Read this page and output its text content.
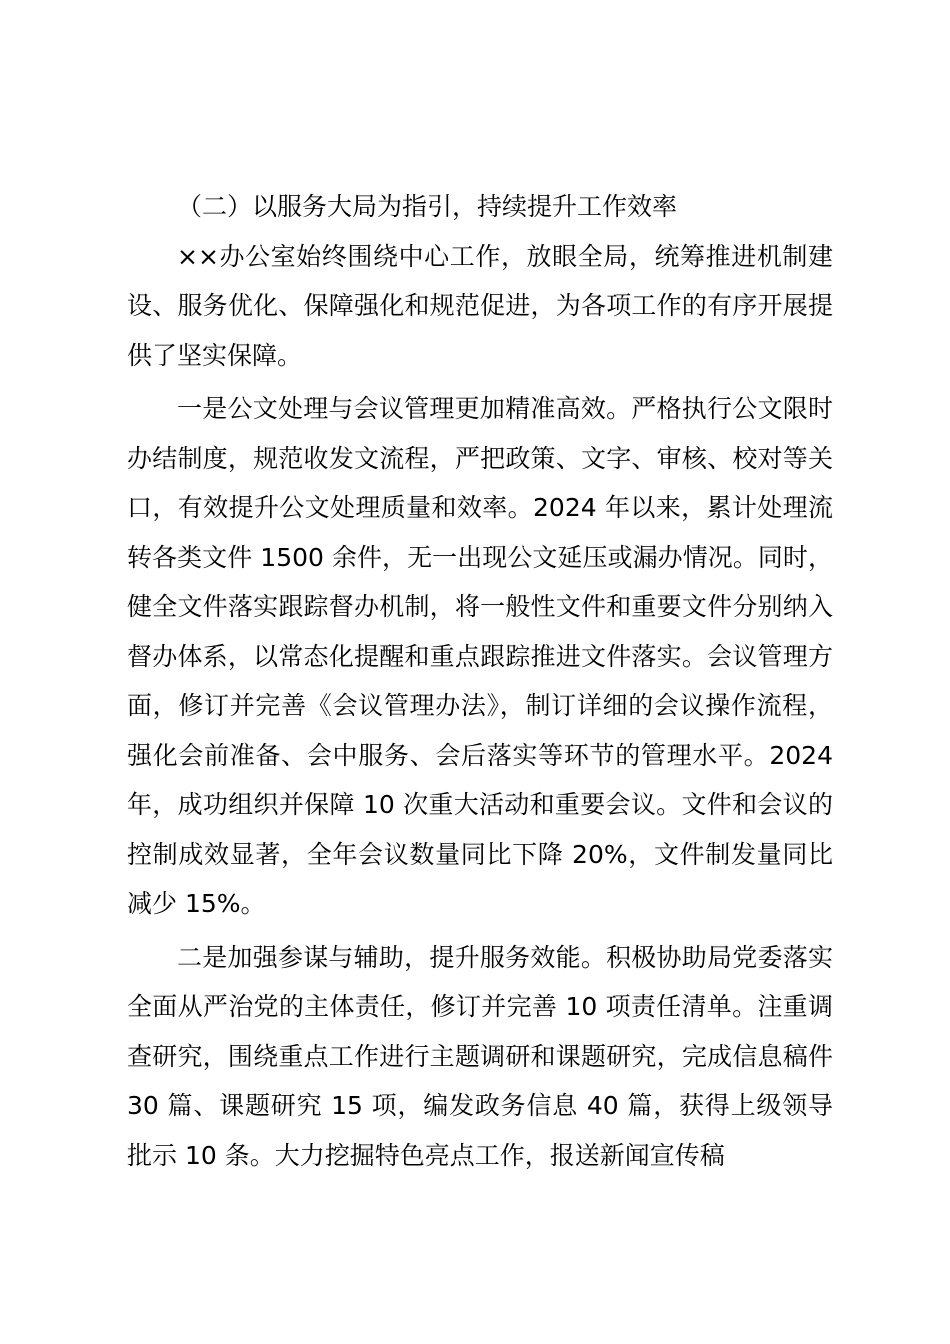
（二）以服务大局为指引，持续提升工作效率

××办公室始终围绕中心工作，放眼全局，统筹推进机制建设、服务优化、保障强化和规范促进，为各项工作的有序开展提供了坚实保障。

一是公文处理与会议管理更加精准高效。严格执行公文限时办结制度，规范收发文流程，严把政策、文字、审核、校对等关口，有效提升公文处理质量和效率。2024 年以来，累计处理流转各类文件 1500 余件，无一出现公文延压或漏办情况。同时，健全文件落实跟踪督办机制，将一般性文件和重要文件分别纳入督办体系，以常态化提醒和重点跟踪推进文件落实。会议管理方面，修订并完善《会议管理办法》，制订详细的会议操作流程，强化会前准备、会中服务、会后落实等环节的管理水平。2024 年，成功组织并保障 10 次重大活动和重要会议。文件和会议的控制成效显著，全年会议数量同比下降 20%，文件制发量同比减少 15%。

二是加强参谋与辅助，提升服务效能。积极协助局党委落实全面从严治党的主体责任，修订并完善 10 项责任清单。注重调查研究，围绕重点工作进行主题调研和课题研究，完成信息稿件 30 篇、课题研究 15 项，编发政务信息 40 篇，获得上级领导批示 10 条。大力挖掘特色亮点工作，报送新闻宣传稿
